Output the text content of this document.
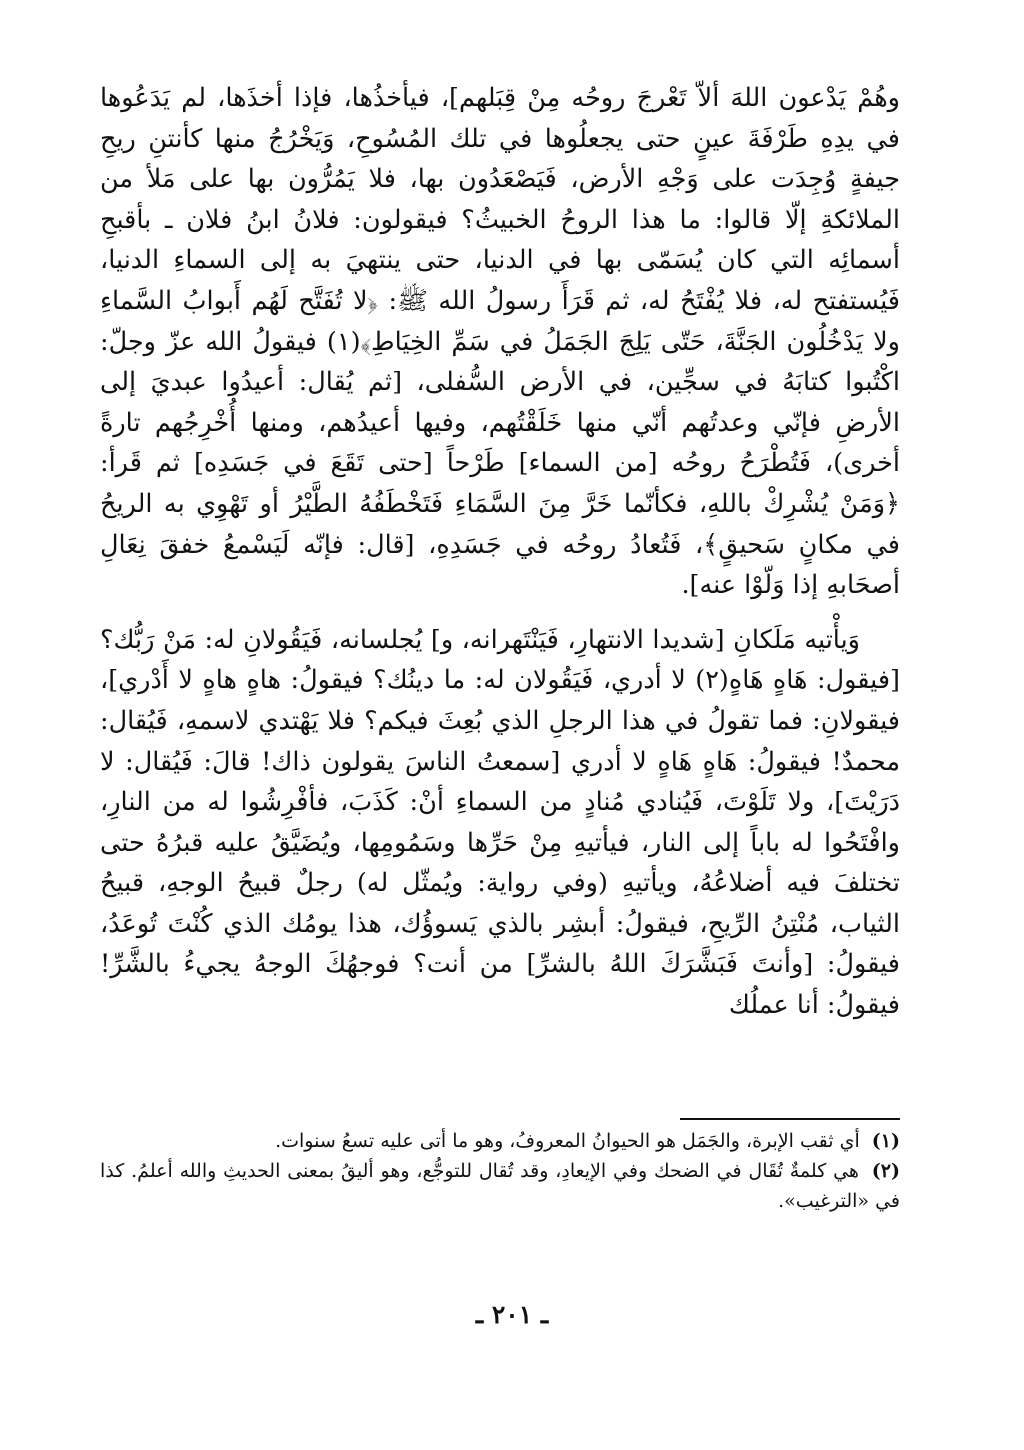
وهُمْ يَدْعون اللهَ ألاّ تَعْرجَ روحُه مِنْ قِبَلهم]، فيأخذُها، فإذا أخذَها، لم يَدَعُوها في يدِهِ طَرْفَةَ عينٍ حتى يجعلُوها في تلك المُسُوحِ، وَيَخْرُجُ منها كأنتنِ ريحِ جيفةٍ وُجِدَت على وَجْهِ الأرض، فَيَصْعَدُون بها، فلا يَمُرُّون بها على مَلأ من الملائكةِ إلّا قالوا: ما هذا الروحُ الخبيثُ؟ فيقولون: فلانُ ابنُ فلان ـ بأقبحِ أسمائِه التي كان يُسَمّى بها في الدنيا، حتى ينتهيَ به إلى السماءِ الدنيا، فَيُستفتح له، فلا يُفْتَحُ له، ثم قَرَأَ رسولُ الله ﷺ: ﴿لا تُفَتَّح لَهُم أَبوابُ السَّماءِ ولا يَدْخُلُون الجَنَّةَ، حَتّى يَلِجَ الجَمَلُ في سَمِّ الخِيَاطِ﴾(١) فيقولُ الله عزّ وجلّ: اكْتُبوا كتابَهُ في سجِّين، في الأرض السُّفلى، [ثم يُقال: أعيدُوا عبديَ إلى الأرضِ فإنّي وعدتُهم أنّي منها خَلَقْتُهم، وفيها أعيدُهم، ومنها أُخْرِجُهم تارةً أخرى)، فَتُطْرَحُ روحُه [من السماء] طَرْحاً [حتى تَقَعَ في جَسَدِه] ثم قَرأ: ﴿وَمَنْ يُشْرِكْ باللهِ، فكأنّما خَرَّ مِنَ السَّمَاءِ فَتَخْطَفُهُ الطَّيْرُ أو تَهْوِي به الريحُ في مكانٍ سَحيقٍ﴾، فَتُعادُ روحُه في جَسَدِهِ، [قال: فإنّه لَيَسْمعُ خفقَ نِعَالِ أصحَابهِ إذا وَلّوْا عنه].

وَيأْتيه مَلَكانِ [شديدا الانتهارِ، فَيَنْتَهرانه، و] يُجلسانه، فَيَقُولانِ له: مَنْ رَبُّك؟ [فيقول: هَاهٍ هَاهٍ(٢) لا أدري، فَيَقُولان له: ما دينُك؟ فيقولُ: هاهٍ هاهٍ لا أَدْري]، فيقولانِ: فما تقولُ في هذا الرجلِ الذي بُعِثَ فيكم؟ فلا يَهْتدي لاسمهِ، فَيُقال: محمدٌ! فيقولُ: هَاهٍ هَاهٍ لا أدري [سمعتُ الناسَ يقولون ذاك! قالَ: فَيُقال: لا دَرَيْتَ]، ولا تَلَوْتَ، فَيُنادي مُنادٍ من السماءِ أنْ: كَذَبَ، فأفْرِشُوا له من النارِ، وافْتَحُوا له باباً إلى النار، فيأتيهِ مِنْ حَرِّها وسَمُومِها، ويُضَيَّقُ عليه قبرُهُ حتى تختلفَ فيه أضلاعُهُ، ويأتيهِ (وفي رواية: ويُمثّل له) رجلٌ قبيحُ الوجهِ، قبيحُ الثياب، مُنْتِنُ الرِّيحِ، فيقولُ: أبشِر بالذي يَسوؤُك، هذا يومُك الذي كُنْتَ تُوعَدُ، فيقولُ: [وأنتَ فَبَشَّرَكَ اللهُ بالشرِّ] من أنت؟ فوجهُكَ الوجهُ يجيءُ بالشَّرِّ! فيقولُ: أنا عملُك

(١) أي ثقب الإبرة، والجَمَل هو الحيوانُ المعروفُ، وهو ما أتى عليه تسعُ سنوات.

(٢) هي كلمةٌ تُقَال في الضحك وفي الإيعادِ، وقد تُقال للتوجُّع، وهو أليقُ بمعنى الحديثِ والله أعلمُ. كذا في «الترغيب».

ـ ٢٠١ ـ
